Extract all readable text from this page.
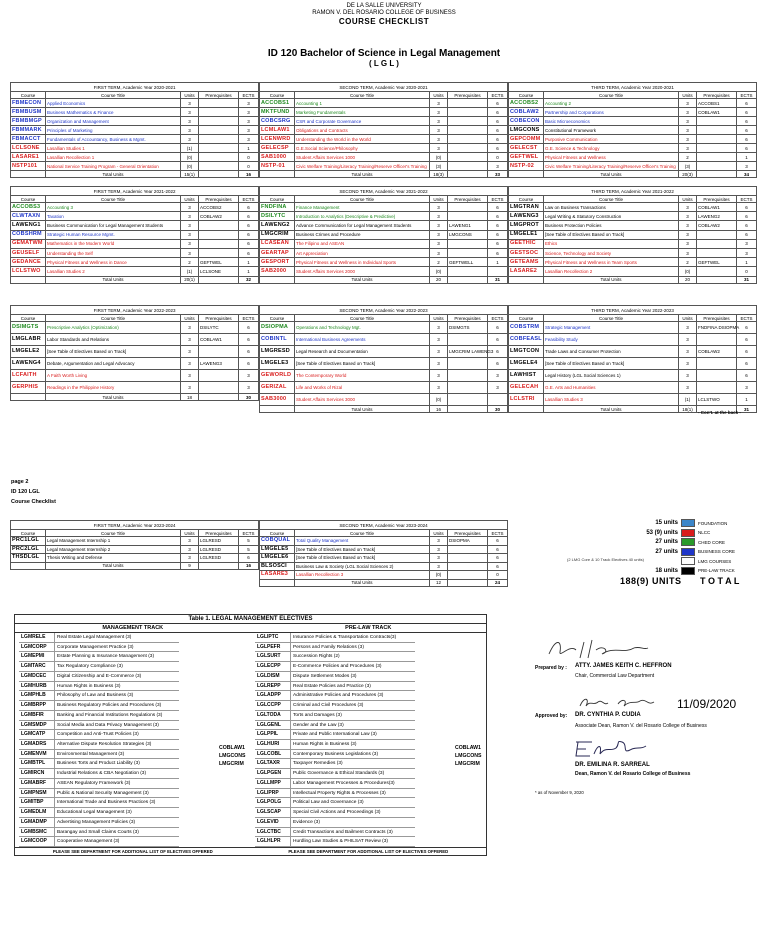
DE LA SALLE UNIVERSITY
RAMON V. DEL ROSARIO COLLEGE OF BUSINESS
COURSE CHECKLIST
ID 120 Bachelor of Science in Legal Management
( L G L )
FIRST TERM, Academic Year 2020-2021				
Course	Course Title	Units	Prerequisites	ECTS
FBMECON	Applied Economics	3		3
FBMBUSM	Business Mathematics & Finance	3		3
FBMBMGP	Organization and Management	3		3
FBMMARK	Principles of Marketing	3		3
FBMACCT	Fundamentals of Accountancy, Business & Mgmt.	3		3
LCLSONE	Lasallian Studies 1	(1)		1
LASARE1	Lasallian Recollection 1	(0)		0
NSTP101	National Service Training Program - General Orientation	(0)		0
	Total Units	15(1)		16
SECOND TERM, Academic Year 2020-2021				
Course	Course Title	Units	Prerequisites	ECTS
ACCOBS1	Accounting 1	3		6
MKTFUND	Marketing Fundamentals	3		6
COBCSRG	CSR and Corporate Governance	3		6
LCMLAW1	Obligations and Contracts	3		6
LCENWRD	Understanding the World in the World	3		6
GELECSP	G.E.Social Science/Philosophy	3		6
SAB1000	Student Affairs Services 1000	(0)		0
NSTP-01	Civic Welfare Training/Literacy Training/Reserve Officer's Training	(3)		3
	Total Units	18(3)		33
THIRD TERM, Academic Year 2020-2021				
Course	Course Title	Units	Prerequisites	ECTS
ACCOBS2	Accounting 2	3	ACCOBS1	6
COBLAW2	Partnership and Corporations	3	COBLAW1	6
COBECON	Basic Microeconomics	3		6
LMGCONS	Constitutional Framework	3		6
GEPCOMM	Purposive Communication	3		6
GELECST	G.E. Science & Technology	3		6
GEFTWEL	Physical Fitness and Wellness	2		1
NSTP-02	Civic Welfare Training/Literacy Training/Reserve Officer's Training	(3)		3
	Total Units	20(3)		34
FIRST TERM, Academic Year 2021-2022				
Course	Course Title	Units	Prerequisites	ECTS
ACCOBS3	Accounting 3	3	ACCOBS2	6
CLWTAXN	Taxation	3	COBLAW2	6
LAWENG1	Business Communication for Legal Management Students	3		6
COBSHRM	Strategic Human Resource Mgmt.	3		6
GEMATWM	Mathematics in the Modern World	3		6
GEUSELF	Understanding the Self	3		6
GEDANCE	Physical Fitness and Wellness in Dance	2	GEFTWEL	1
LCLSTWO	Lasallian Studies 2	(1)	LCLSONE	1
	Total Units	20(1)		32
SECOND TERM, Academic Year 2021-2022				
Course	Course Title	Units	Prerequisites	ECTS
FNDFINA	Finance Management	3		6
DSILYTC	Introduction to Analytics (Descriptive & Predictive)	3		6
LAWENG2	Advance Communication for Legal Management Students	3	LAWENG1	6
LMGCRIM	Business Crimes and Procedure	3	LMGCONS	6
LCASEAN	The Filipino and ASEAN	3		6
GEARTAP	Art Appreciation	3		6
GESPORT	Physical Fitness and Wellness in Individual Sports	2	GEFTWELL	1
SAB2000	Student Affairs Services 2000	(0)		
	Total Units	20		31
THIRD TERM, Academic Year 2021-2022				
Course	Course Title	Units	Prerequisites	ECTS
LMGTRAN	Law on Business Transactions	3	COBLAW1	6
LAWENG3	Legal Writing & Statutory Construction	3	LAWENG2	6
LMGPROT	Business Protection Policies	3	COBLAW2	6
LMGELE1	[See Table of Electives Based on Track]	3		6
GEETHIC	Ethics	3		3
GESTSOC	Science, Technology and Society	3		3
GETEAMS	Physical Fitness and Wellness in Team Sports	2	GEFTWEL	1
LASARE2	Lasallian Recollection 2	(0)		0
	Total Units	20		31
FIRST TERM, Academic Year 2022-2023				
Course	Course Title	Units	Prerequisites	ECTS
DSIMGTS	Prescriptive Analytics (Optimization)	3	DSILYTC	6
LMGLABR	Labor Standards and Relations	3	COBLAW1	6
LMGELE2	[See Table of Electives Based on Track]	3		6
LAWENG4	Debate, Argumentation and Legal Advocacy	3	LAWENG3	6
LCFAITH	A Faith Worth Living	3		3
GERPHIS	Readings in the Philippine History	3		3
	Total Units	18		30
SECOND TERM, Academic Year 2022-2023				
Course	Course Title	Units	Prerequisites	ECTS
DSIOPMA	Operations and Technology Mgt.	3	DSIMGTS	6
COBINTL	International Business Agreements	3		6
LMGRESD	Legal Research and Documentation	3	LMGCRIM LAWENG3	6
LMGELE3	[See Table of Electives Based on Track]	3		6
GEWORLD	The Contemporary World	3		3
GERIZAL	Life and Works of Rizal	3		3
SAB3000	Student Affairs Services 3000	(0)		
	Total Units	16		30
THIRD TERM, Academic Year 2022-2023				
Course	Course Title	Units	Prerequisites	ECTS
COBSTRM	Strategic Management	3	FNDFINA DSIOPMA	6
COBFEASL	Feasibility Study	3		6
LMGTCON	Trade Laws and Consumer Protection	3	COBLAW2	6
LMGELE4	[See Table of Electives Based on Track]	3		6
LAWHIST	Legal History (LGL Social Sciences 1)	3		6
GELECAH	G.E. Arts and Humanities	3		3
LCLSTRI	Lasallian Studies 3	(1)	LCLSTWO	1
	Total Units	18(1)		31
- Con't. at the back -
page 2
ID 120 LGL
Course Checklist
FIRST TERM, Academic Year 2023-2024				
Course	Course Title	Units	Prerequisites	ECTS
PRC1LGL	Legal Management Internship 1	3	LGLRESD	5
PRC2LGL	Legal Management Internship 2	3	LGLRESD	5
THSDLGL	Thesis Writing and Defense	3	LGLRESD	6
	Total Units	9		16
SECOND TERM, Academic Year 2023-2024				
Course	Course Title	Units	Prerequisites	ECTS
COBQUAL	Total Quality Management	3	DSIOPMA	6
LMGELE5	[See Table of Electives Based on Track]	3		6
LMGELE6	[See Table of Electives Based on Track]	3		6
BLSOSCI	Business Law & Society (LGL Social Sciences 2)	3		6
LASARE3	Lasallian Recollection 3	(0)		0
	Total Units	12		24
15 units	FOUNDATION
53 (9) units	NLCC
27 units	CHED CORE
27 units	BUSINESS CORE
LMG COURSES
18 units	PRE-LAW TRACK
(2 LMG Core & 10 Track Electives 40 units)
188(9) UNITS T O T A L
Table 1. LEGAL MANAGEMENT ELECTIVES
MANAGEMENT TRACK	PRE-LAW TRACK
LGMRELE	Real Estate Legal Management (3)
LGMCORP	Corporate Management Practice (3)
LGMEPMI	Estate Planning & Insurance Management (3)
LGMTARC	Tax Regulatory Compliance (3)
LGMDCEC	Digital Citizenship and E-Commerce (3)
LGMHURB	Human Rights in Business (3)
LGMPHLB	Philosophy of Law and Business (3)
LGMBRPP	Business Regulatory Policies and Procedures (3)
LGMBFIR	Banking and Financial Institutions Regulations (3)
LGMSMDP	Social Media and Data Privacy Management (3)
LGMCATP	Competition and Anti-Trust Policies (3)
LGMADRS	Alternative Dispute Resolution Strategies (3)
LGMENVM	Environmental Management (3)
LGMBTPL	Business Torts and Product Liability (3)
LGMIRCN	Industrial Relations & CBA Negotiation (3)
LGMABRF	ASEAN Regulatory Framework (3)
LGMPNSM	Public & National Security Management (3)
LGMITBP	International Trade and Business Practices (3)
LGMEDLM	Educational Legal Management (3)
LGMADMP	Advertising Management Policies (3)
LGMBSMC	Barangay and Small Claims Courts (3)
LGMCOOP	Cooperative Management (3)
COBLAW1
LMGCONS
LMGCRIM
LGLIPTC	Insurance Policies & Transportation Contracts(3)
LGLPEFR	Persons and Family Relations (3)
LGLSURT	Succession Rights (2)
LGLECPP	E-Commerce Policies and Procedures (3)
LGLDISM	Dispute Settlement Modes (3)
LGLREPP	Real Estate Policies and Practice (3)
LGLADPP	Administrative Policies and Procedures (3)
LGLCCPP	Criminal and Civil Procedures (3)
LGLTODA	Torts and Damages (3)
LGLGENL	Gender and the Law (3)
LGLPPIL	Private and Public International Law (3)
LGLHURI	Human Rights in Business (3)
LGLCOBL	Contemporary Business Legislations (3)
LGLTAXR	Taxpayer Remedies (3)
LGLPGEN	Public Governance & Ethical Standards (3)
LGLLMPP	Labor Management Processes & Procedures(3)
LGLIPRP	Intellectual Property Rights & Processes (3)
LGLPOLG	Political Law and Governance (3)
LGLSCAP	Special Civil Actions and Proceedings (3)
LGLEVID	Evidence (3)
LGLCTBC	Credit Transactions and Bailment Contracts (3)
LGLHLPR	Hurdling Law Studies & PHILSAT Review (3)
COBLAW1
LMGCONS
LMGCRIM
PLEASE SEE DEPARTMENT FOR ADDITIONAL LIST OF ELECTIVES OFFERED	PLEASE SEE DEPARTMENT FOR ADDITIONAL LIST OF ELECTIVES OFFERED
Prepared by : ATTY. JAMES KEITH C. HEFFRON
Chair, Commercial Law Department
11/09/2020
Approved by: DR. CYNTHIA P. CUDIA
Associate Dean, Ramon V. del Rosario College of Business
DR. EMILINA R. SARREAL
Dean, Ramon V. del Rosario College of Business
* as of November 9, 2020
